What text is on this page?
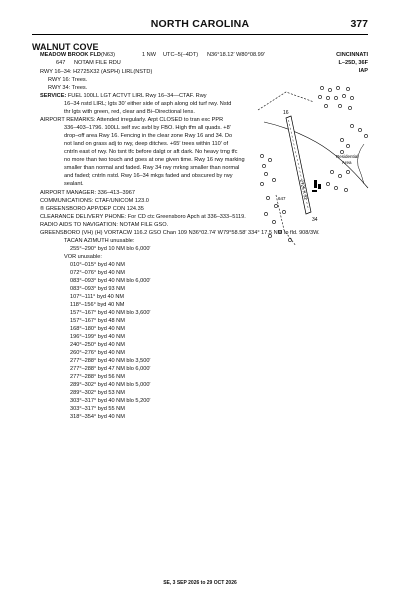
NORTH CAROLINA	377
WALNUT COVE
MEADOW BROOK FLD (N63)	1 NW UTC–5(–4DT) N36°18.12′ W80°08.99′	CINCINNATI
647 NOTAM FILE RDU	L–25D, 36F
IAP
RWY 16–34: H2725X32 (ASPH) LIRL(NSTD)
RWY 16: Trees.
RWY 34: Trees.
SERVICE: FUEL 100LL LGT ACTVT LIRL Rwy 16–34—CTAF. Rwy
16–34 nstd LIRL; lgts 30′ either side of asph along old turf rwy. Nstd
thr lgts with green, red, clear and Bi–Directional lens.
AIRPORT REMARKS: Attended irregularly. Arpt CLOSED to tran exc PPR
336–403–1796. 100LL self svc avbl by FBO. High tfm all quads. +8′
drop–off area Rwy 16. Fencing in the clear zone Rwy 16 and 34. Do
not land on grass adj to rwy, deep ditches. +65′ trees within 110′ of
cntrln east of rwy. No tsnt tfc before dalgt or aft dark. No heavy trng tfc
no more than two touch and goes at one given time. Rwy 16 rwy marking
smaller than normal and faded. Rwy 34 rwy mrkng smaller than normal
and faded; cntrln nstd. Rwy 16–34 mkgs faded and obscured by rwy
sealant.
AIRPORT MANAGER: 336–413–3967
COMMUNICATIONS: CTAF/UNICOM 123.0
® GREENSBORO APP/DEP CON 124.35
CLEARANCE DELIVERY PHONE: For CD ctc Greensboro Apch at 336–333–5119.
RADIO AIDS TO NAVIGATION: NOTAM FILE GSO.
GREENSBORO (VH) (H) VORTACW 116.2 GSO Chan 109 N36°02.74′ W79°58.58′ 334° 17.5 NM to fld. 908/3W.
TACAN AZIMUTH unusable:
255°–290° byd 10 NM blo 6,000′
VOR unusable:
010°–015° byd 40 NM
072°–076° byd 40 NM
083°–093° byd 40 NM blo 6,000′
083°–093° byd 93 NM
107°–111° byd 40 NM
118°–156° byd 40 NM
157°–167° byd 40 NM blo 3,600′
157°–167° byd 48 NM
168°–180° byd 40 NM
196°–199° byd 40 NM
240°–250° byd 40 NM
260°–276° byd 40 NM
277°–288° byd 40 NM blo 3,500′
277°–288° byd 47 NM blo 6,000′
277°–288° byd 56 NM
289°–302° byd 40 NM blo 5,000′
289°–302° byd 53 NM
303°–317° byd 40 NM blo 5,200′
303°–317° byd 55 NM
318°–354° byd 40 NM
16
34
2725 X 32
647
Residential
Area
SE, 3 SEP 2026 to 29 OCT 2026
